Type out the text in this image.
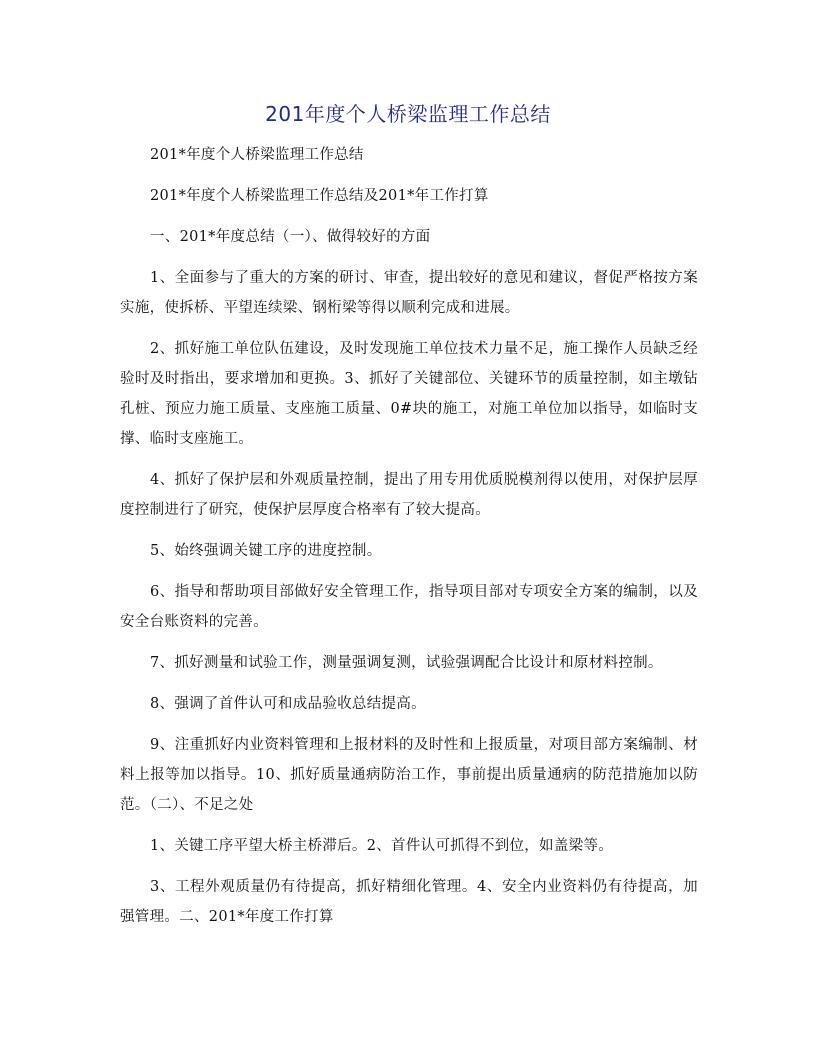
201年度个人桥梁监理工作总结

201*年度个人桥梁监理工作总结

201*年度个人桥梁监理工作总结及201*年工作打算

一、201*年度总结（一）、做得较好的方面

1、全面参与了重大的方案的研讨、审查，提出较好的意见和建议，督促严格按方案实施，使拆桥、平望连续梁、钢桁梁等得以顺利完成和进展。

2、抓好施工单位队伍建设，及时发现施工单位技术力量不足，施工操作人员缺乏经验时及时指出，要求增加和更换。3、抓好了关键部位、关键环节的质量控制，如主墩钻孔桩、预应力施工质量、支座施工质量、0#块的施工，对施工单位加以指导，如临时支撑、临时支座施工。

4、抓好了保护层和外观质量控制，提出了用专用优质脱模剂得以使用，对保护层厚度控制进行了研究，使保护层厚度合格率有了较大提高。

5、始终强调关键工序的进度控制。

6、指导和帮助项目部做好安全管理工作，指导项目部对专项安全方案的编制，以及安全台账资料的完善。

7、抓好测量和试验工作，测量强调复测，试验强调配合比设计和原材料控制。

8、强调了首件认可和成品验收总结提高。

9、注重抓好内业资料管理和上报材料的及时性和上报质量，对项目部方案编制、材料上报等加以指导。10、抓好质量通病防治工作，事前提出质量通病的防范措施加以防范。（二）、不足之处

1、关键工序平望大桥主桥滞后。2、首件认可抓得不到位，如盖梁等。

3、工程外观质量仍有待提高，抓好精细化管理。4、安全内业资料仍有待提高，加强管理。二、201*年度工作打算
